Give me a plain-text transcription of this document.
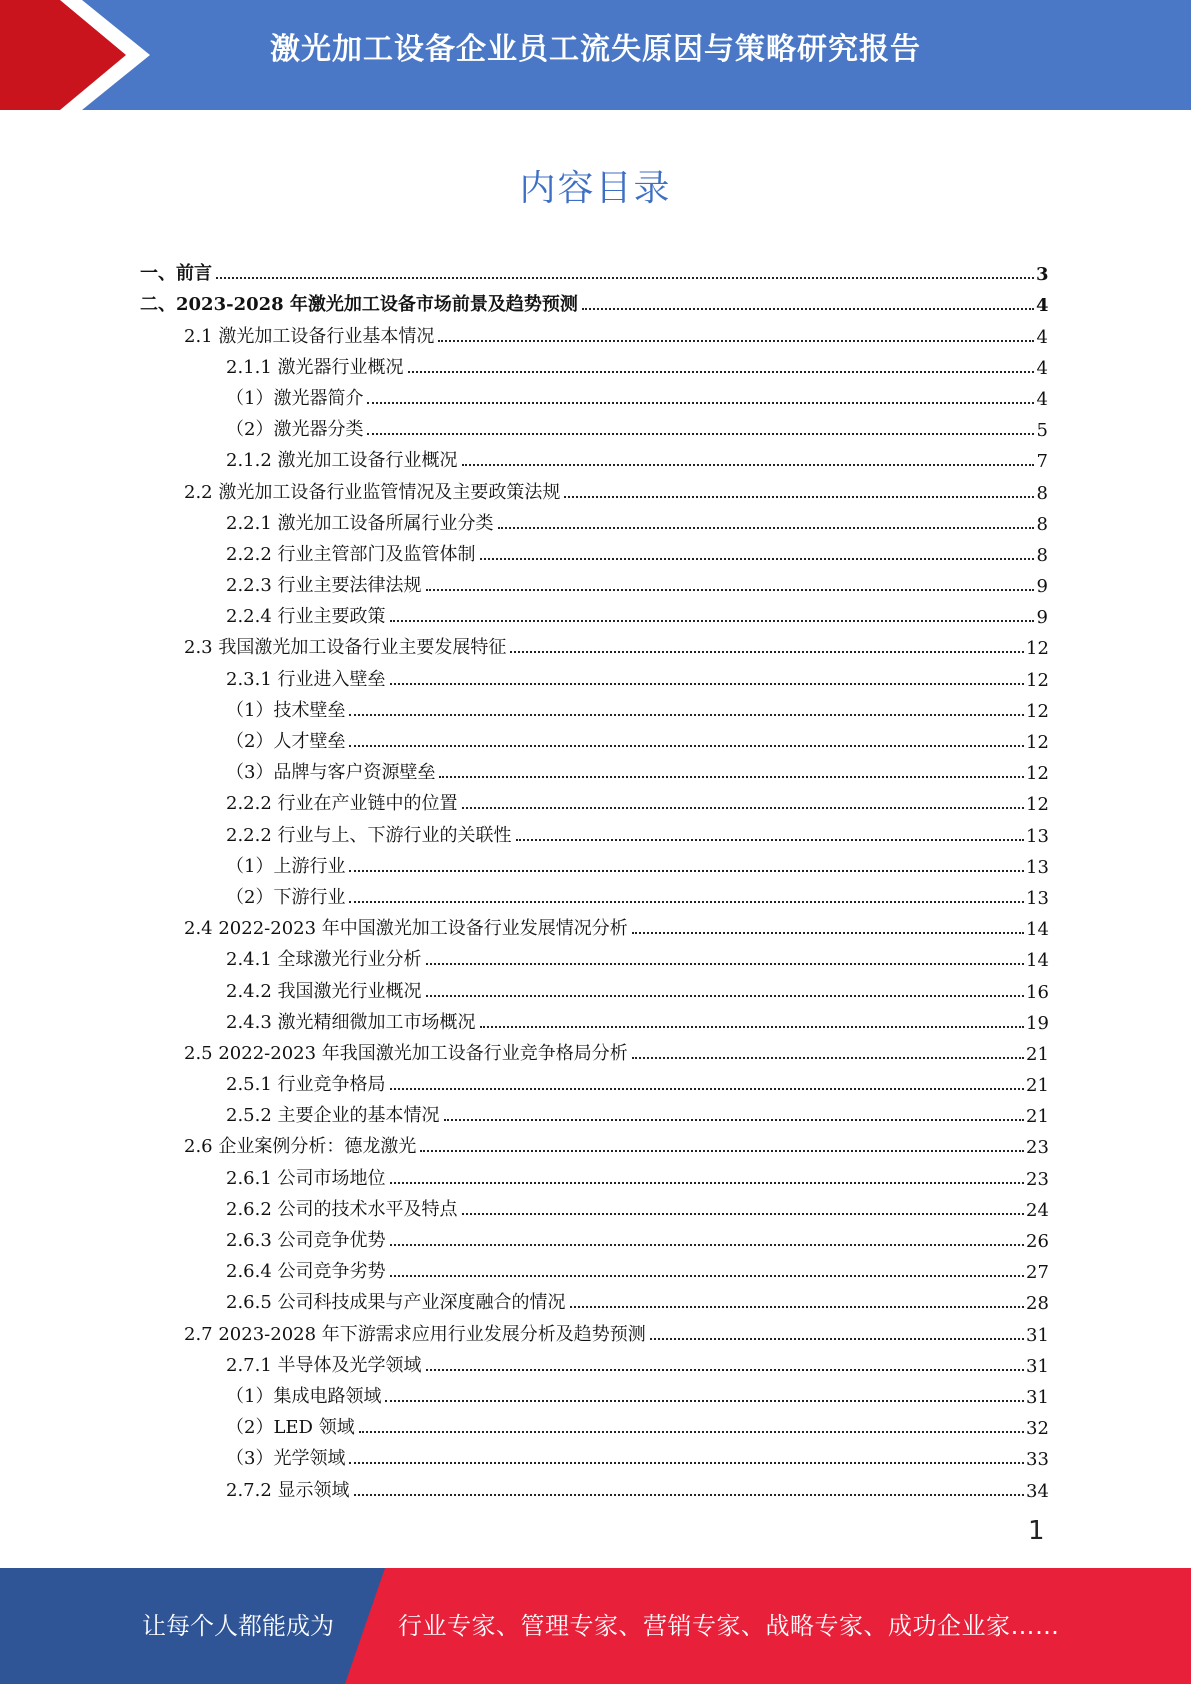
激光加工设备企业员工流失原因与策略研究报告
内容目录
一、前言	3
二、2023-2028 年激光加工设备市场前景及趋势预测	4
2.1 激光加工设备行业基本情况	4
2.1.1 激光器行业概况	4
（1）激光器简介	4
（2）激光器分类	5
2.1.2 激光加工设备行业概况	7
2.2 激光加工设备行业监管情况及主要政策法规	8
2.2.1 激光加工设备所属行业分类	8
2.2.2 行业主管部门及监管体制	8
2.2.3 行业主要法律法规	9
2.2.4 行业主要政策	9
2.3 我国激光加工设备行业主要发展特征	12
2.3.1 行业进入壁垒	12
（1）技术壁垒	12
（2）人才壁垒	12
（3）品牌与客户资源壁垒	12
2.2.2 行业在产业链中的位置	12
2.2.2 行业与上、下游行业的关联性	13
（1）上游行业	13
（2）下游行业	13
2.4 2022-2023 年中国激光加工设备行业发展情况分析	14
2.4.1 全球激光行业分析	14
2.4.2 我国激光行业概况	16
2.4.3 激光精细微加工市场概况	19
2.5 2022-2023 年我国激光加工设备行业竞争格局分析	21
2.5.1 行业竞争格局	21
2.5.2 主要企业的基本情况	21
2.6 企业案例分析：德龙激光	23
2.6.1 公司市场地位	23
2.6.2 公司的技术水平及特点	24
2.6.3 公司竞争优势	26
2.6.4 公司竞争劣势	27
2.6.5 公司科技成果与产业深度融合的情况	28
2.7 2023-2028 年下游需求应用行业发展分析及趋势预测	31
2.7.1 半导体及光学领域	31
（1）集成电路领域	31
（2）LED 领域	32
（3）光学领域	33
2.7.2 显示领域	34
1
让每个人都能成为	行业专家、管理专家、营销专家、战略专家、成功企业家……
